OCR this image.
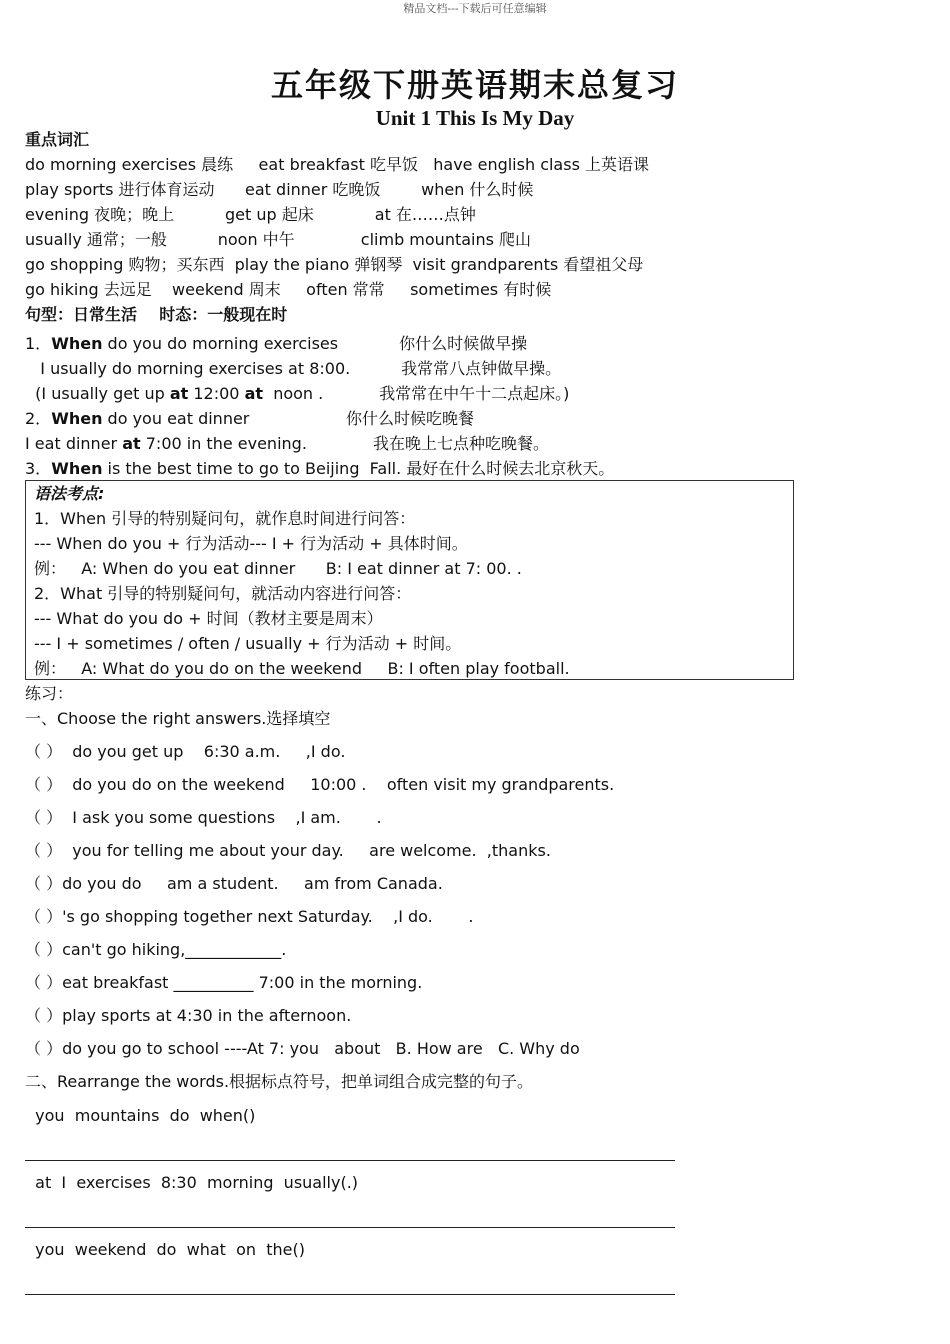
精品文档---下载后可任意编辑
五年级下册英语期末总复习
Unit 1 This Is My Day
重点词汇
do morning exercises 晨练     eat breakfast 吃早饭   have english class 上英语课
play sports 进行体育运动      eat dinner 吃晚饭        when 什么时候
evening 夜晚；晚上          get up 起床            at 在……点钟
usually 通常；一般          noon 中午             climb mountains 爬山
go shopping 购物；买东西  play the piano 弹钢琴  visit grandparents 看望祖父母
go hiking 去远足    weekend 周末     often 常常     sometimes 有时候
句型：日常生活    时态：一般现在时
1．When do you do morning exercises            你什么时候做早操
I usually do morning exercises at 8:00.          我常常八点钟做早操。
(I usually get up at 12:00 at  noon .           我常常在中午十二点起床。)
2．When do you eat dinner                   你什么时候吃晚餐
I eat dinner at 7:00 in the evening.             我在晚上七点种吃晚餐。
3．When is the best time to go to Beijing  Fall. 最好在什么时候去北京秋天。
语法考点:
1．When 引导的特别疑问句，就作息时间进行问答：
--- When do you + 行为活动--- I + 行为活动 + 具体时间。
例：   A: When do you eat dinner      B: I eat dinner at 7: 00. .
2．What 引导的特别疑问句，就活动内容进行问答：
--- What do you do + 时间（教材主要是周末）
--- I + sometimes / often / usually + 行为活动 + 时间。
例：   A: What do you do on the weekend     B: I often play football.
练习：
一、Choose the right answers.选择填空
（ ）  do you get up    6:30 a.m.     ,I do.
（ ）  do you do on the weekend     10:00 .    often visit my grandparents.
（ ）  I ask you some questions    ,I am.       .
（ ）  you for telling me about your day.     are welcome.  ,thanks.
（ ）do you do     am a student.     am from Canada.
（ ）'s go shopping together next Saturday.    ,I do.       .
（ ）can't go hiking,____________.
（ ）eat breakfast __________ 7:00 in the morning.
（ ）play sports at 4:30 in the afternoon.
（ ）do you go to school ----At 7: you   about   B. How are   C. Why do
二、Rearrange the words.根据标点符号，把单词组合成完整的句子。
you  mountains  do  when()
at  I  exercises  8:30  morning  usually(.)
you  weekend  do  what  on  the()
